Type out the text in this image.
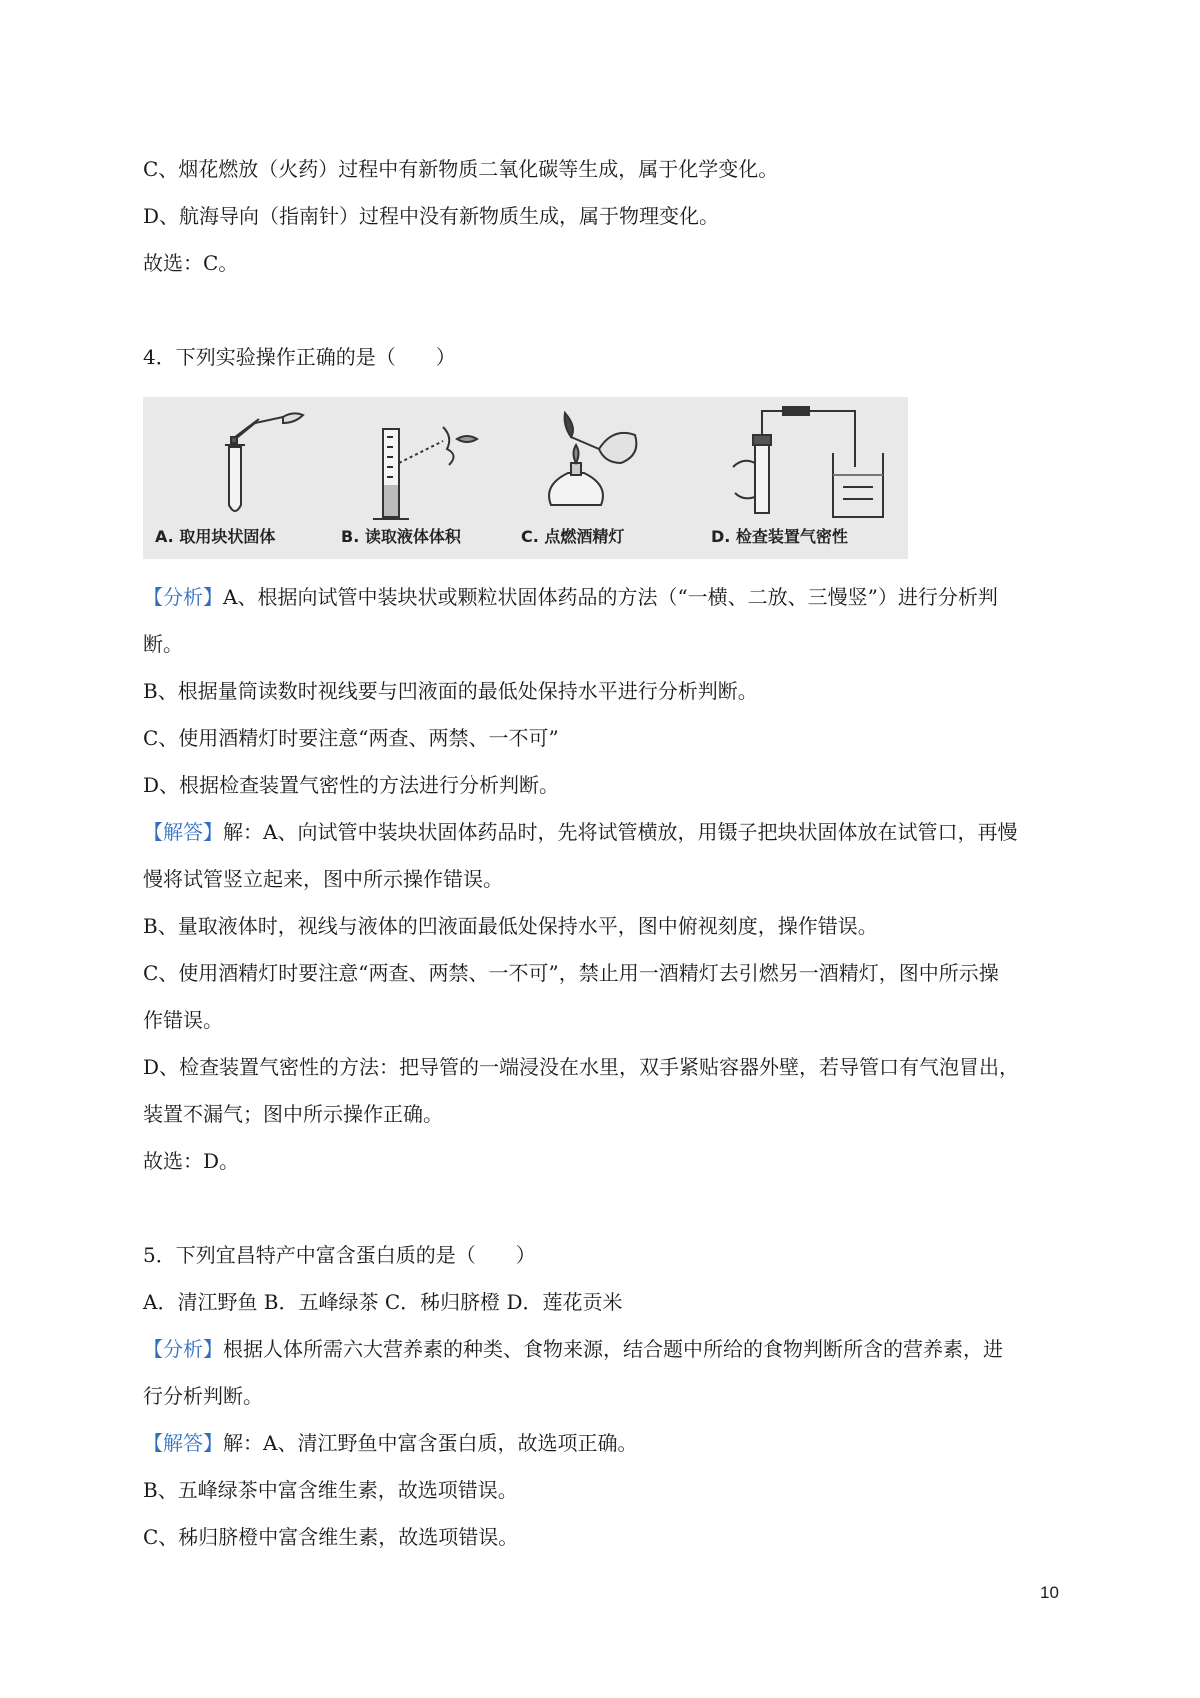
C、烟花燃放（火药）过程中有新物质二氧化碳等生成，属于化学变化。
D、航海导向（指南针）过程中没有新物质生成，属于物理变化。
故选：C。
4．下列实验操作正确的是（　　）
A. 取用块状固体	B. 读取液体体积	C. 点燃酒精灯	D. 检查装置气密性
【分析】A、根据向试管中装块状或颗粒状固体药品的方法（“一横、二放、三慢竖”）进行分析判
断。
B、根据量筒读数时视线要与凹液面的最低处保持水平进行分析判断。
C、使用酒精灯时要注意“两查、两禁、一不可”
D、根据检查装置气密性的方法进行分析判断。
【解答】解：A、向试管中装块状固体药品时，先将试管横放，用镊子把块状固体放在试管口，再慢
慢将试管竖立起来，图中所示操作错误。
B、量取液体时，视线与液体的凹液面最低处保持水平，图中俯视刻度，操作错误。
C、使用酒精灯时要注意“两查、两禁、一不可”，禁止用一酒精灯去引燃另一酒精灯，图中所示操
作错误。
D、检查装置气密性的方法：把导管的一端浸没在水里，双手紧贴容器外壁，若导管口有气泡冒出，
装置不漏气；图中所示操作正确。
故选：D。
5．下列宜昌特产中富含蛋白质的是（　　）
A．清江野鱼 B．五峰绿茶 C．秭归脐橙 D．莲花贡米
【分析】根据人体所需六大营养素的种类、食物来源，结合题中所给的食物判断所含的营养素，进
行分析判断。
【解答】解：A、清江野鱼中富含蛋白质，故选项正确。
B、五峰绿茶中富含维生素，故选项错误。
C、秭归脐橙中富含维生素，故选项错误。
10
